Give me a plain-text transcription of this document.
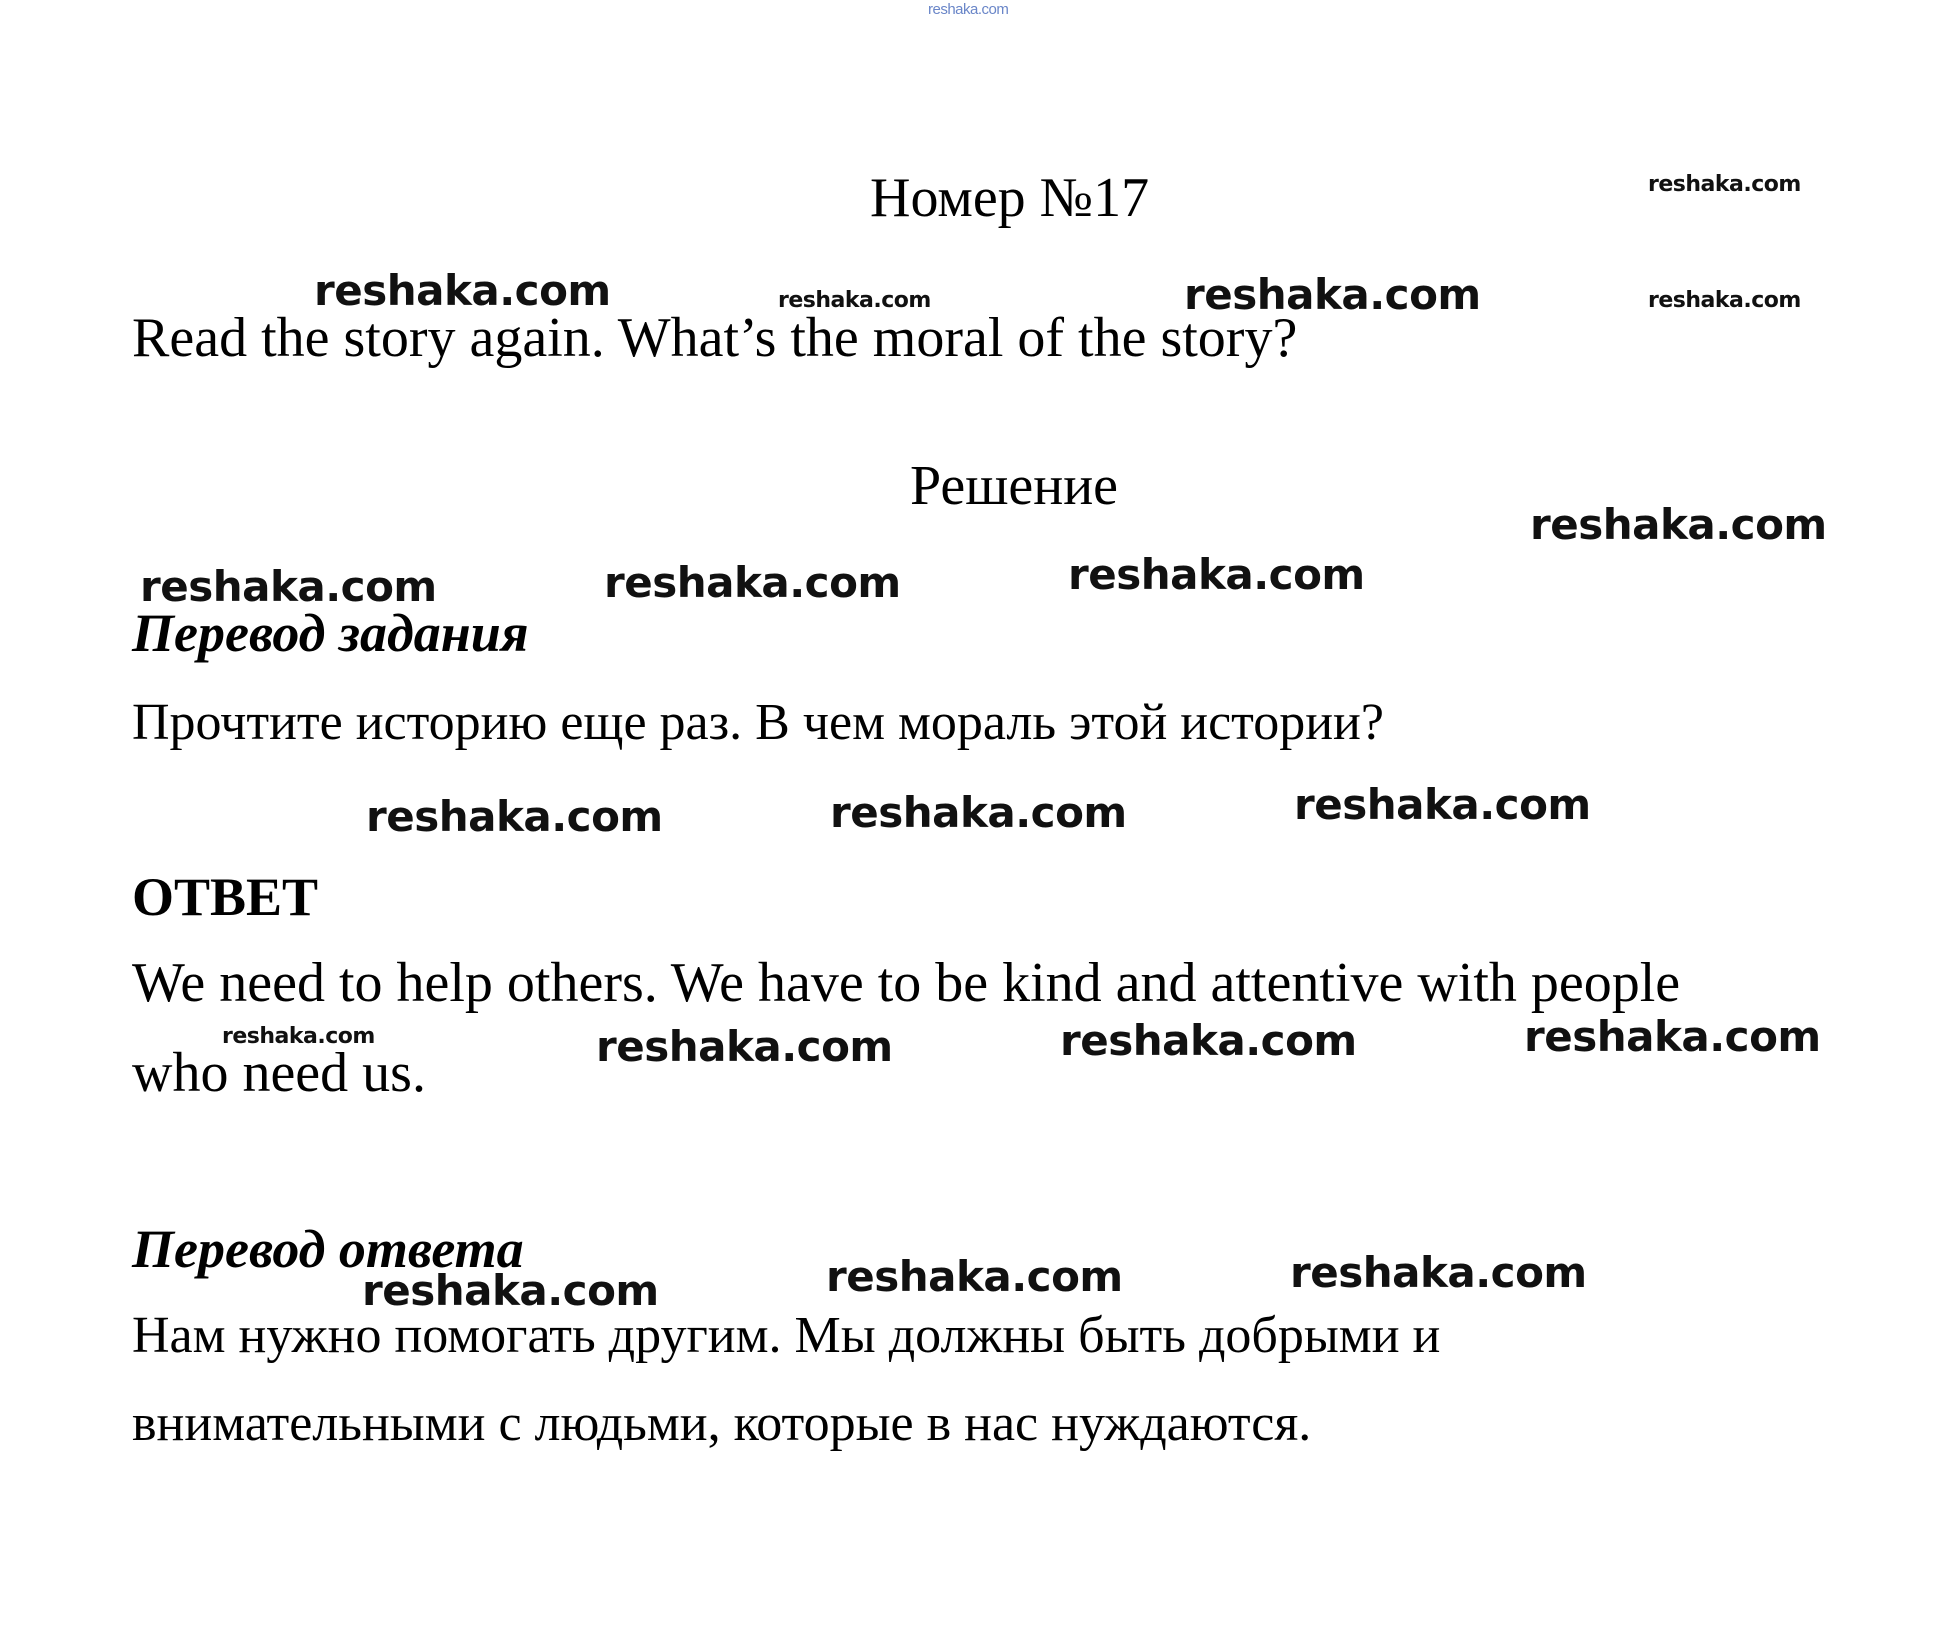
reshaka.com
Номер №17
Read the story again. What’s the moral of the story?
Решение
Перевод задания
Прочтите историю еще раз. В чем мораль этой истории?
ОТВЕТ
We need to help others. We have to be kind and attentive with people
who need us.
Перевод ответа
Нам нужно помогать другим. Мы должны быть добрыми и
внимательными с людьми, которые в нас нуждаются.
reshaka.com
reshaka.com	reshaka.com	reshaka.com	reshaka.com
reshaka.com
reshaka.com	reshaka.com	reshaka.com
reshaka.com	reshaka.com	reshaka.com
reshaka.com	reshaka.com	reshaka.com	reshaka.com
reshaka.com	reshaka.com	reshaka.com
